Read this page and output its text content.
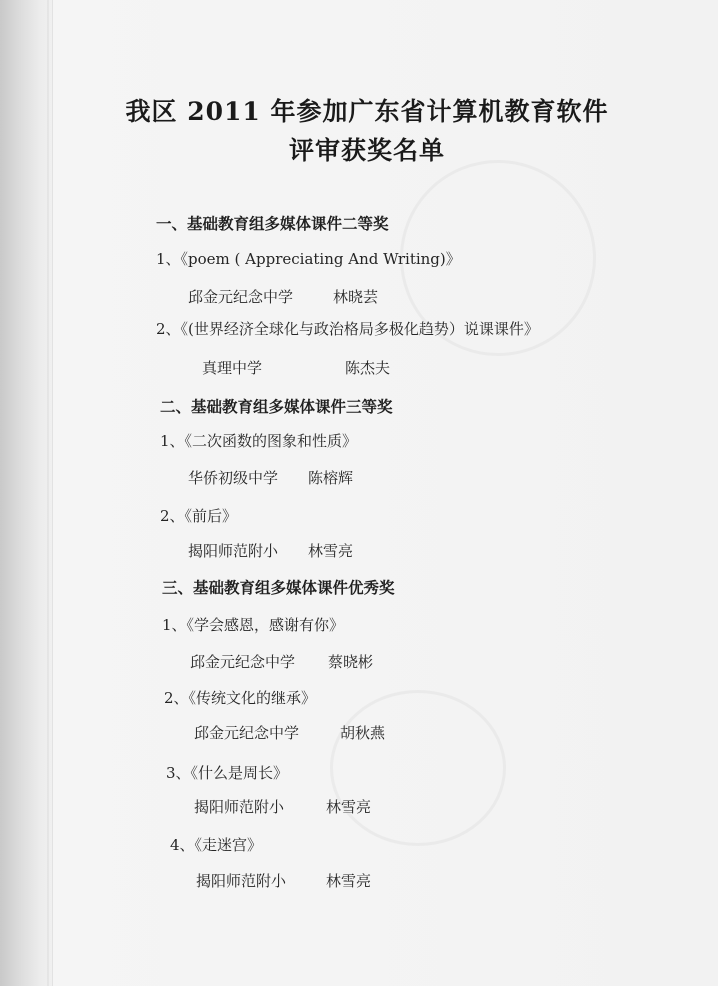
我区 2011 年参加广东省计算机教育软件
评审获奖名单

一、基础教育组多媒体课件二等奖

1、《poem ( Appreciating And Writing)》

邱金元纪念中学	林晓芸

2、《(世界经济全球化与政治格局多极化趋势）说课课件》

真理中学	陈杰夫

二、基础教育组多媒体课件三等奖

1、《二次函数的图象和性质》

华侨初级中学 陈榕辉

2、《前后》

揭阳师范附小 林雪亮

三、基础教育组多媒体课件优秀奖

1、《学会感恩，感谢有你》

邱金元纪念中学 蔡晓彬

2、《传统文化的继承》

邱金元纪念中学	胡秋燕

3、《什么是周长》

揭阳师范附小	林雪亮

4、《走迷宫》

揭阳师范附小	林雪亮
